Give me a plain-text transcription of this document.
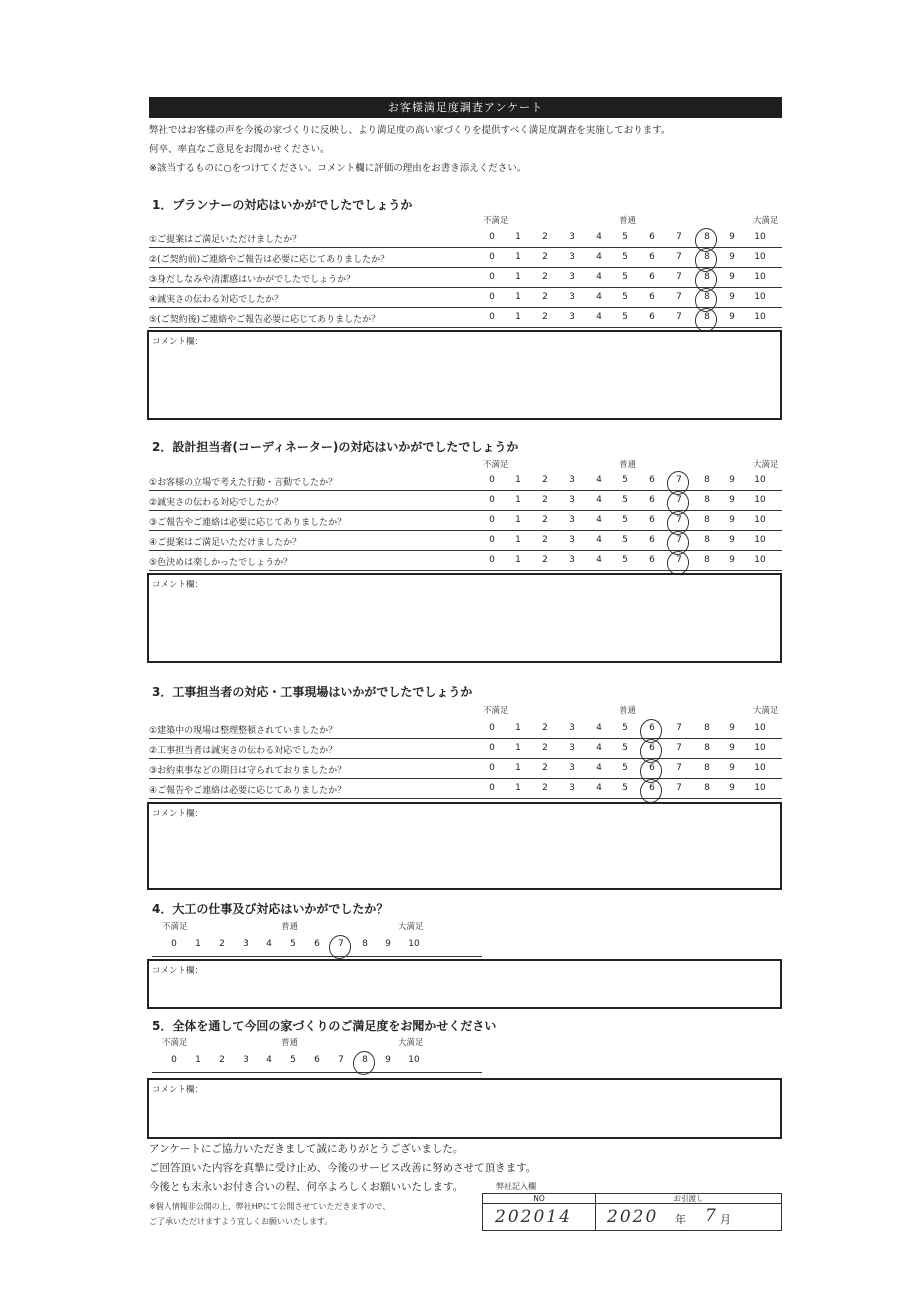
お客様満足度調査アンケート
弊社ではお客様の声を今後の家づくりに反映し、より満足度の高い家づくりを提供すべく満足度調査を実施しております。
何卒、率直なご意見をお聞かせください。
※該当するものに○をつけてください。コメント欄に評価の理由をお書き添えください。
1．プランナーの対応はいかがでしたでしょうか
不満足	普通	大満足
①ご提案はご満足いただけましたか？	0	1	2	3	4	5	6	7	8	9	10
②(ご契約前)ご連絡やご報告は必要に応じてありましたか？	0	1	2	3	4	5	6	7	8	9	10
③身だしなみや清潔感はいかがでしたでしょうか？	0	1	2	3	4	5	6	7	8	9	10
④誠実さの伝わる対応でしたか？	0	1	2	3	4	5	6	7	8	9	10
⑤(ご契約後)ご連絡やご報告必要に応じてありましたか？	0	1	2	3	4	5	6	7	8	9	10
コメント欄：
2．設計担当者(コーディネーター)の対応はいかがでしたでしょうか
不満足	普通	大満足
①お客様の立場で考えた行動・言動でしたか？	0	1	2	3	4	5	6	7	8	9	10
②誠実さの伝わる対応でしたか？	0	1	2	3	4	5	6	7	8	9	10
③ご報告やご連絡は必要に応じてありましたか？	0	1	2	3	4	5	6	7	8	9	10
④ご提案はご満足いただけましたか？	0	1	2	3	4	5	6	7	8	9	10
⑤色決めは楽しかったでしょうか？	0	1	2	3	4	5	6	7	8	9	10
コメント欄：
3．工事担当者の対応・工事現場はいかがでしたでしょうか
不満足	普通	大満足
①建築中の現場は整理整頓されていましたか？	0	1	2	3	4	5	6	7	8	9	10
②工事担当者は誠実さの伝わる対応でしたか？	0	1	2	3	4	5	6	7	8	9	10
③お約束事などの期日は守られておりましたか？	0	1	2	3	4	5	6	7	8	9	10
④ご報告やご連絡は必要に応じてありましたか？	0	1	2	3	4	5	6	7	8	9	10
コメント欄：
4．大工の仕事及び対応はいかがでしたか？
不満足	普通	大満足
0	1	2	3	4	5	6	7	8	9	10
コメント欄：
5．全体を通して今回の家づくりのご満足度をお聞かせください
不満足	普通	大満足
0	1	2	3	4	5	6	7	8	9	10
コメント欄：
アンケートにご協力いただきまして誠にありがとうございました。
ご回答頂いた内容を真摯に受け止め、今後のサービス改善に努めさせて頂きます。
今後とも末永いお付き合いの程、何卒よろしくお願いいたします。
※個人情報非公開の上、弊社HPにて公開させていただきますので、
ご了承いただけますよう宜しくお願いいたします。
弊社記入欄
NO	お引渡し
202014 2020 年 7 月
